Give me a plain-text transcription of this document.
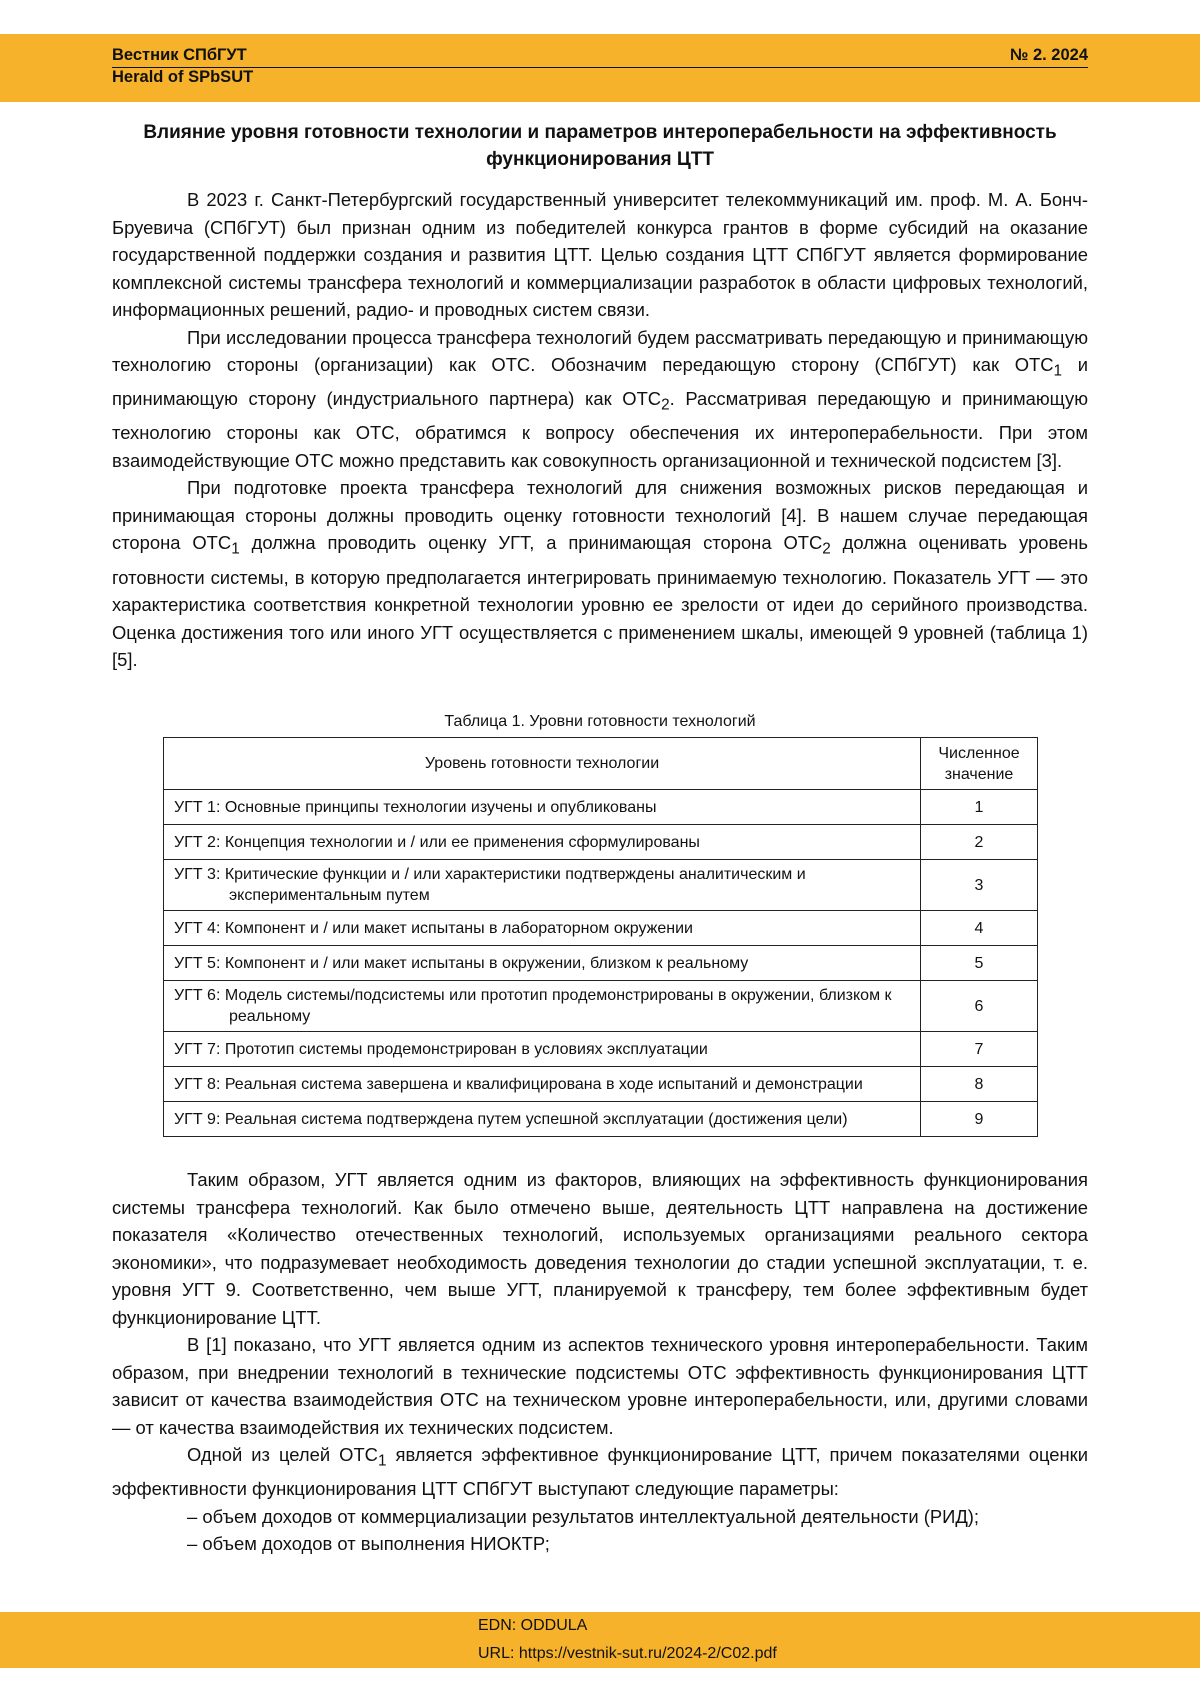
Вестник СПбГУТ
Herald of SPbSUT
№ 2. 2024
Влияние уровня готовности технологии и параметров интероперабельности на эффективность функционирования ЦТТ

В 2023 г. Санкт-Петербургский государственный университет телекоммуникаций им. проф. М. А. Бонч-Бруевича (СПбГУТ) был признан одним из победителей конкурса грантов в форме субсидий на оказание государственной поддержки создания и развития ЦТТ. Целью создания ЦТТ СПбГУТ является формирование комплексной системы трансфера технологий и коммерциализации разработок в области цифровых технологий, информационных решений, радио- и проводных систем связи.

При исследовании процесса трансфера технологий будем рассматривать передающую и принимающую технологию стороны (организации) как ОТС. Обозначим передающую сторону (СПбГУТ) как $ОТС_1$ и принимающую сторону (индустриального партнера) как $ОТС_2$. Рассматривая передающую и принимающую технологию стороны как ОТС, обратимся к вопросу обеспечения их интероперабельности. При этом взаимодействующие ОТС можно представить как совокупность организационной и технической подсистем [3].

При подготовке проекта трансфера технологий для снижения возможных рисков передающая и принимающая стороны должны проводить оценку готовности технологий [4]. В нашем случае передающая сторона $ОТС_1$ должна проводить оценку УГТ, а принимающая сторона $ОТС_2$ должна оценивать уровень готовности системы, в которую предполагается интегрировать принимаемую технологию. Показатель УГТ — это характеристика соответствия конкретной технологии уровню ее зрелости от идеи до серийного производства. Оценка достижения того или иного УГТ осуществляется с применением шкалы, имеющей 9 уровней (таблица 1) [5].

Таблица 1. Уровни готовности технологий
Уровень готовности технологии	Численное значение

УГТ 1: Основные принципы технологии изучены и опубликованы	1

УГТ 2: Концепция технологии и / или ее применения сформулированы	2

УГТ 3: Критические функции и / или характеристики подтверждены аналитическим и экспериментальным путем	3

УГТ 4: Компонент и / или макет испытаны в лабораторном окружении	4

УГТ 5: Компонент и / или макет испытаны в окружении, близком к реальному	5

УГТ 6: Модель системы/подсистемы или прототип продемонстрированы в окружении, близком к реальному	6

УГТ 7: Прототип системы продемонстрирован в условиях эксплуатации	7

УГТ 8: Реальная система завершена и квалифицирована в ходе испытаний и демонстрации	8

УГТ 9: Реальная система подтверждена путем успешной эксплуатации (достижения цели)	9

Таким образом, УГТ является одним из факторов, влияющих на эффективность функционирования системы трансфера технологий. Как было отмечено выше, деятельность ЦТТ направлена на достижение показателя «Количество отечественных технологий, используемых организациями реального сектора экономики», что подразумевает необходимость доведения технологии до стадии успешной эксплуатации, т. е. уровня УГТ 9. Соответственно, чем выше УГТ, планируемой к трансферу, тем более эффективным будет функционирование ЦТТ.

В [1] показано, что УГТ является одним из аспектов технического уровня интероперабельности. Таким образом, при внедрении технологий в технические подсистемы ОТС эффективность функционирования ЦТТ зависит от качества взаимодействия ОТС на техническом уровне интероперабельности, или, другими словами — от качества взаимодействия их технических подсистем.

Одной из целей $ОТС_1$ является эффективное функционирование ЦТТ, причем показателями оценки эффективности функционирования ЦТТ СПбГУТ выступают следующие параметры:

– объем доходов от коммерциализации результатов интеллектуальной деятельности (РИД);

– объем доходов от выполнения НИОКТР;

EDN: ODDULA
URL: https://vestnik-sut.ru/2024-2/C02.pdf
